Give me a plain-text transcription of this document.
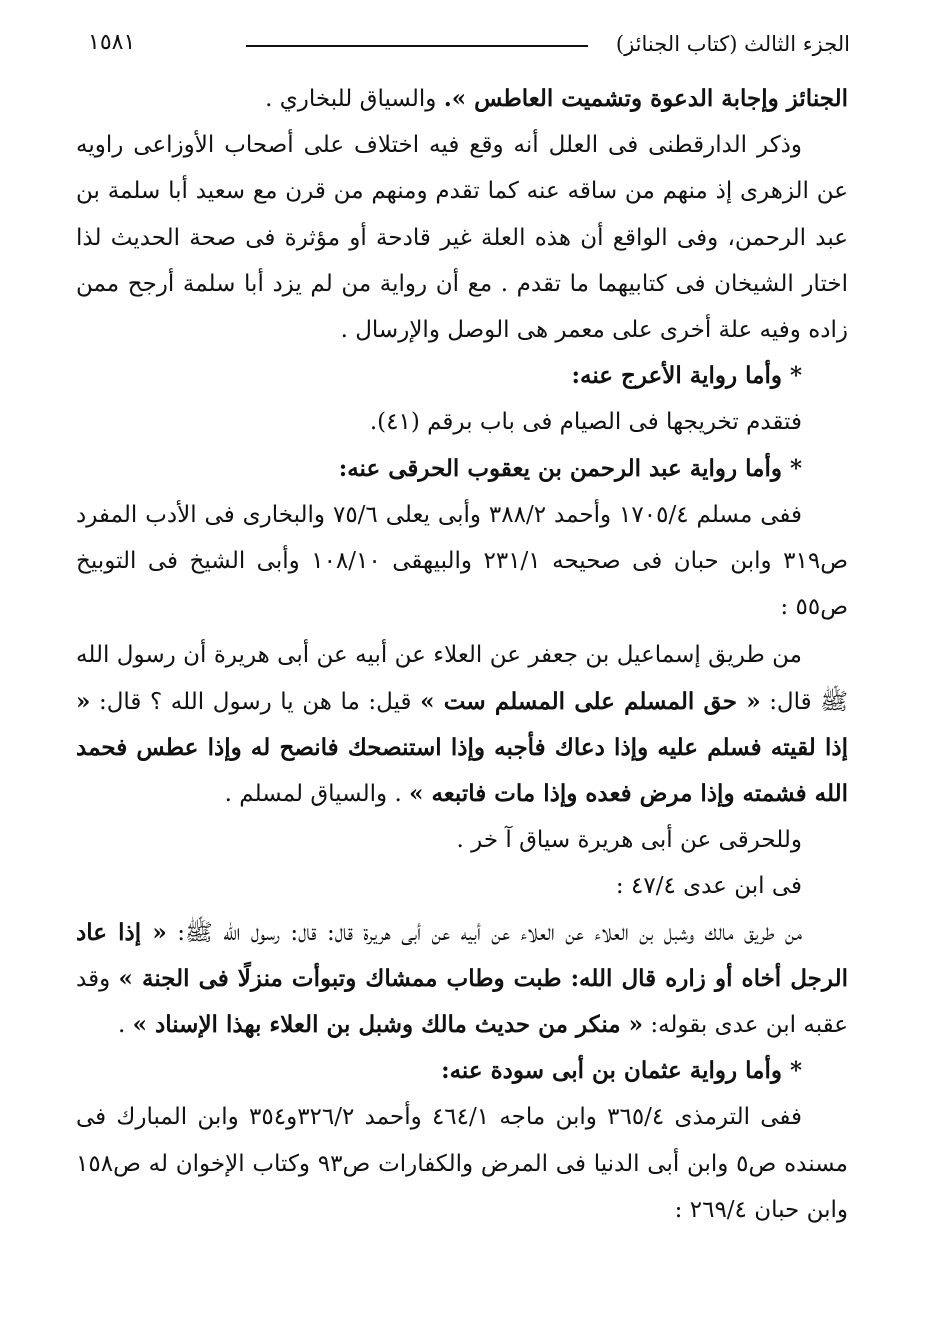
الجزء الثالث (كتاب الجنائز)
١٥٨١

الجنائز وإجابة الدعوة وتشميت العاطس ». والسياق للبخاري .

وذكر الدارقطنى فى العلل أنه وقع فيه اختلاف على أصحاب الأوزاعى راويه عن الزهرى إذ منهم من ساقه عنه كما تقدم ومنهم من قرن مع سعيد أبا سلمة بن عبد الرحمن، وفى الواقع أن هذه العلة غير قادحة أو مؤثرة فى صحة الحديث لذا اختار الشيخان فى كتابيهما ما تقدم . مع أن رواية من لم يزد أبا سلمة أرجح ممن زاده وفيه علة أخرى على معمر هى الوصل والإرسال .

* وأما رواية الأعرج عنه:

فتقدم تخريجها فى الصيام فى باب برقم (٤١).

* وأما رواية عبد الرحمن بن يعقوب الحرقى عنه:

ففى مسلم ١٧٠٥/٤ وأحمد ٣٨٨/٢ وأبى يعلى ٧٥/٦ والبخارى فى الأدب المفرد ص٣١٩ وابن حبان فى صحيحه ٢٣١/١ والبيهقى ١٠٨/١٠ وأبى الشيخ فى التوبيخ ص٥٥ :

من طريق إسماعيل بن جعفر عن العلاء عن أبيه عن أبى هريرة أن رسول الله ﷺ قال: « حق المسلم على المسلم ست » قيل: ما هن يا رسول الله ؟ قال: « إذا لقيته فسلم عليه وإذا دعاك فأجبه وإذا استنصحك فانصح له وإذا عطس فحمد الله فشمته وإذا مرض فعده وإذا مات فاتبعه » . والسياق لمسلم .

وللحرقى عن أبى هريرة سياق آ خر .

فى ابن عدى ٤٧/٤ :

من طريق مالك وشبل بن العلاء عن العلاء عن أبيه عن أبى هريرة قال: قال: رسول الله ﷺ: « إذا عاد الرجل أخاه أو زاره قال الله: طبت وطاب ممشاك وتبوأت منزلًا فى الجنة » وقد عقبه ابن عدى بقوله: « منكر من حديث مالك وشبل بن العلاء بهذا الإسناد » .

* وأما رواية عثمان بن أبى سودة عنه:

ففى الترمذى ٣٦٥/٤ وابن ماجه ٤٦٤/١ وأحمد ٣٢٦/٢و٣٥٤ وابن المبارك فى مسنده ص٥ وابن أبى الدنيا فى المرض والكفارات ص٩٣ وكتاب الإخوان له ص١٥٨ وابن حبان ٢٦٩/٤ :
